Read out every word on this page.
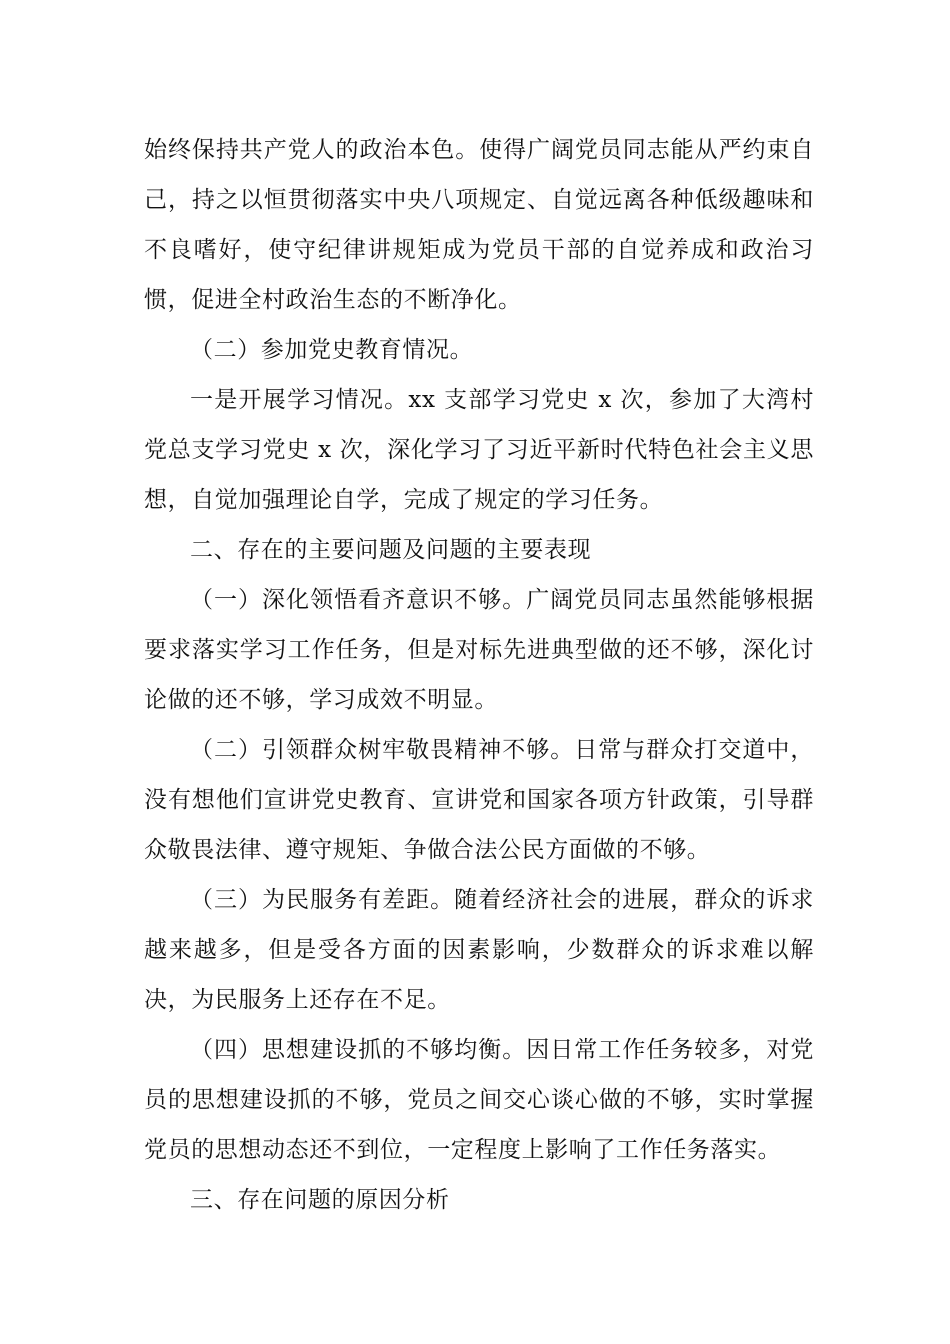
始终保持共产党人的政治本色。使得广阔党员同志能从严约束自己，持之以恒贯彻落实中央八项规定、自觉远离各种低级趣味和不良嗜好，使守纪律讲规矩成为党员干部的自觉养成和政治习惯，促进全村政治生态的不断净化。

（二）参加党史教育情况。

一是开展学习情况。xx 支部学习党史 x 次，参加了大湾村党总支学习党史 x 次，深化学习了习近平新时代特色社会主义思想，自觉加强理论自学，完成了规定的学习任务。

二、存在的主要问题及问题的主要表现

（一）深化领悟看齐意识不够。广阔党员同志虽然能够根据要求落实学习工作任务，但是对标先进典型做的还不够，深化讨论做的还不够，学习成效不明显。

（二）引领群众树牢敬畏精神不够。日常与群众打交道中，没有想他们宣讲党史教育、宣讲党和国家各项方针政策，引导群众敬畏法律、遵守规矩、争做合法公民方面做的不够。

（三）为民服务有差距。随着经济社会的进展，群众的诉求越来越多，但是受各方面的因素影响，少数群众的诉求难以解决，为民服务上还存在不足。

（四）思想建设抓的不够均衡。因日常工作任务较多，对党员的思想建设抓的不够，党员之间交心谈心做的不够，实时掌握党员的思想动态还不到位，一定程度上影响了工作任务落实。

三、存在问题的原因分析
